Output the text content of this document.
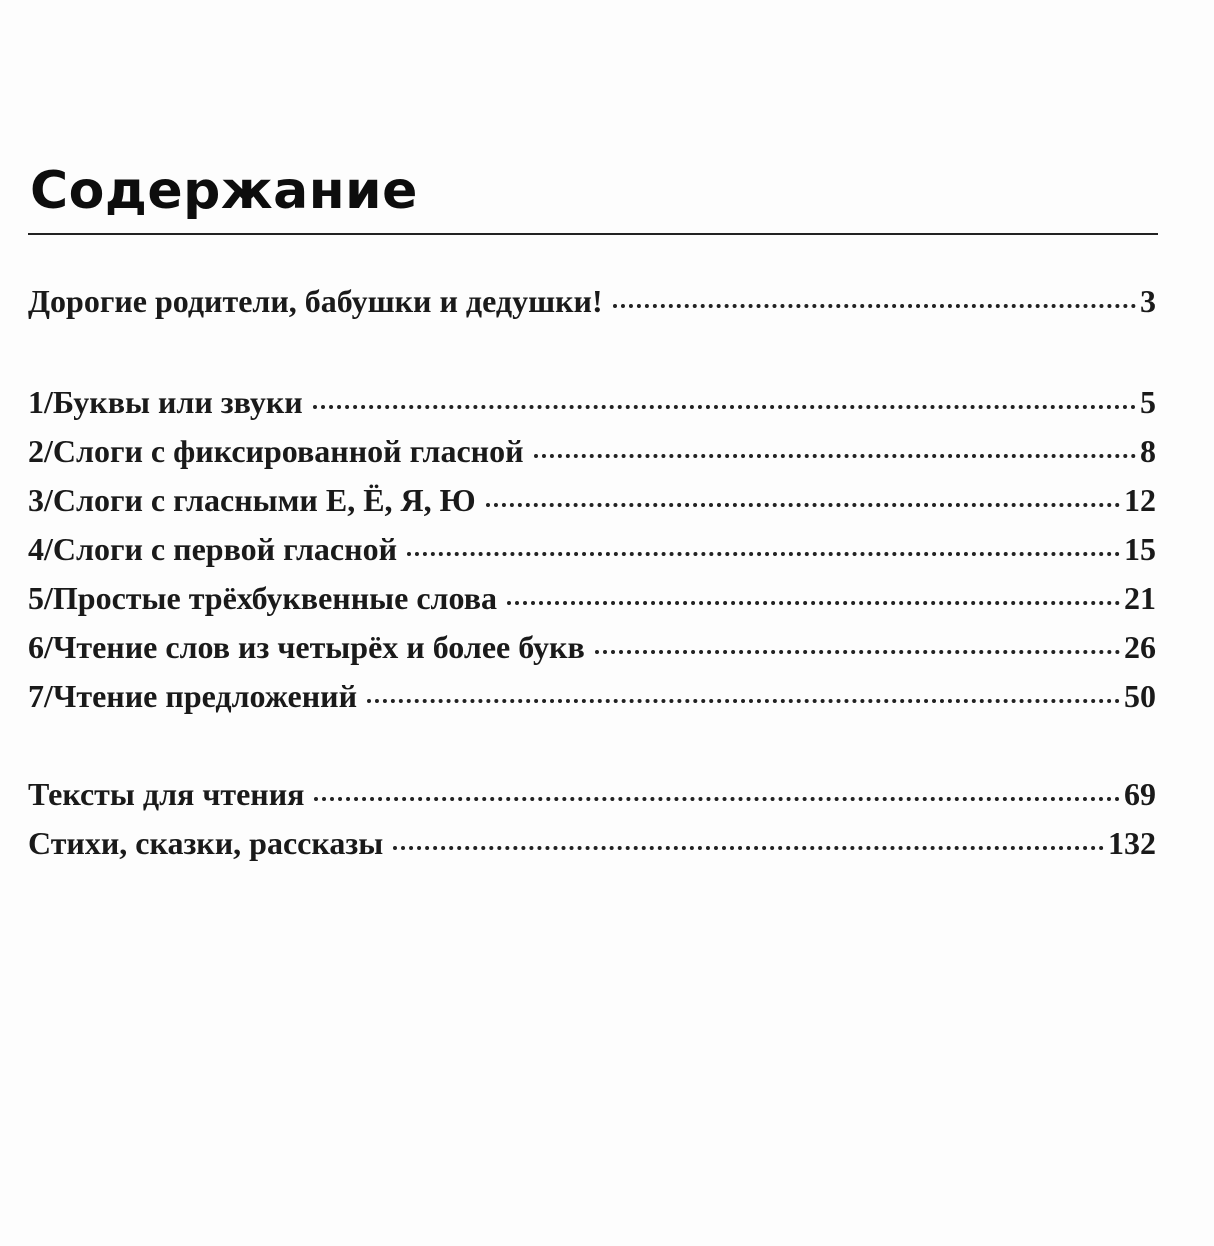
Содержание
Дорогие родители, бабушки и дедушки!	3
1/Буквы или звуки	5
2/Слоги с фиксированной гласной	8
3/Слоги с гласными Е, Ё, Я, Ю	12
4/Слоги с первой гласной	15
5/Простые трёхбуквенные слова	21
6/Чтение слов из четырёх и более букв	26
7/Чтение предложений	50
Тексты для чтения	69
Стихи, сказки, рассказы	132
